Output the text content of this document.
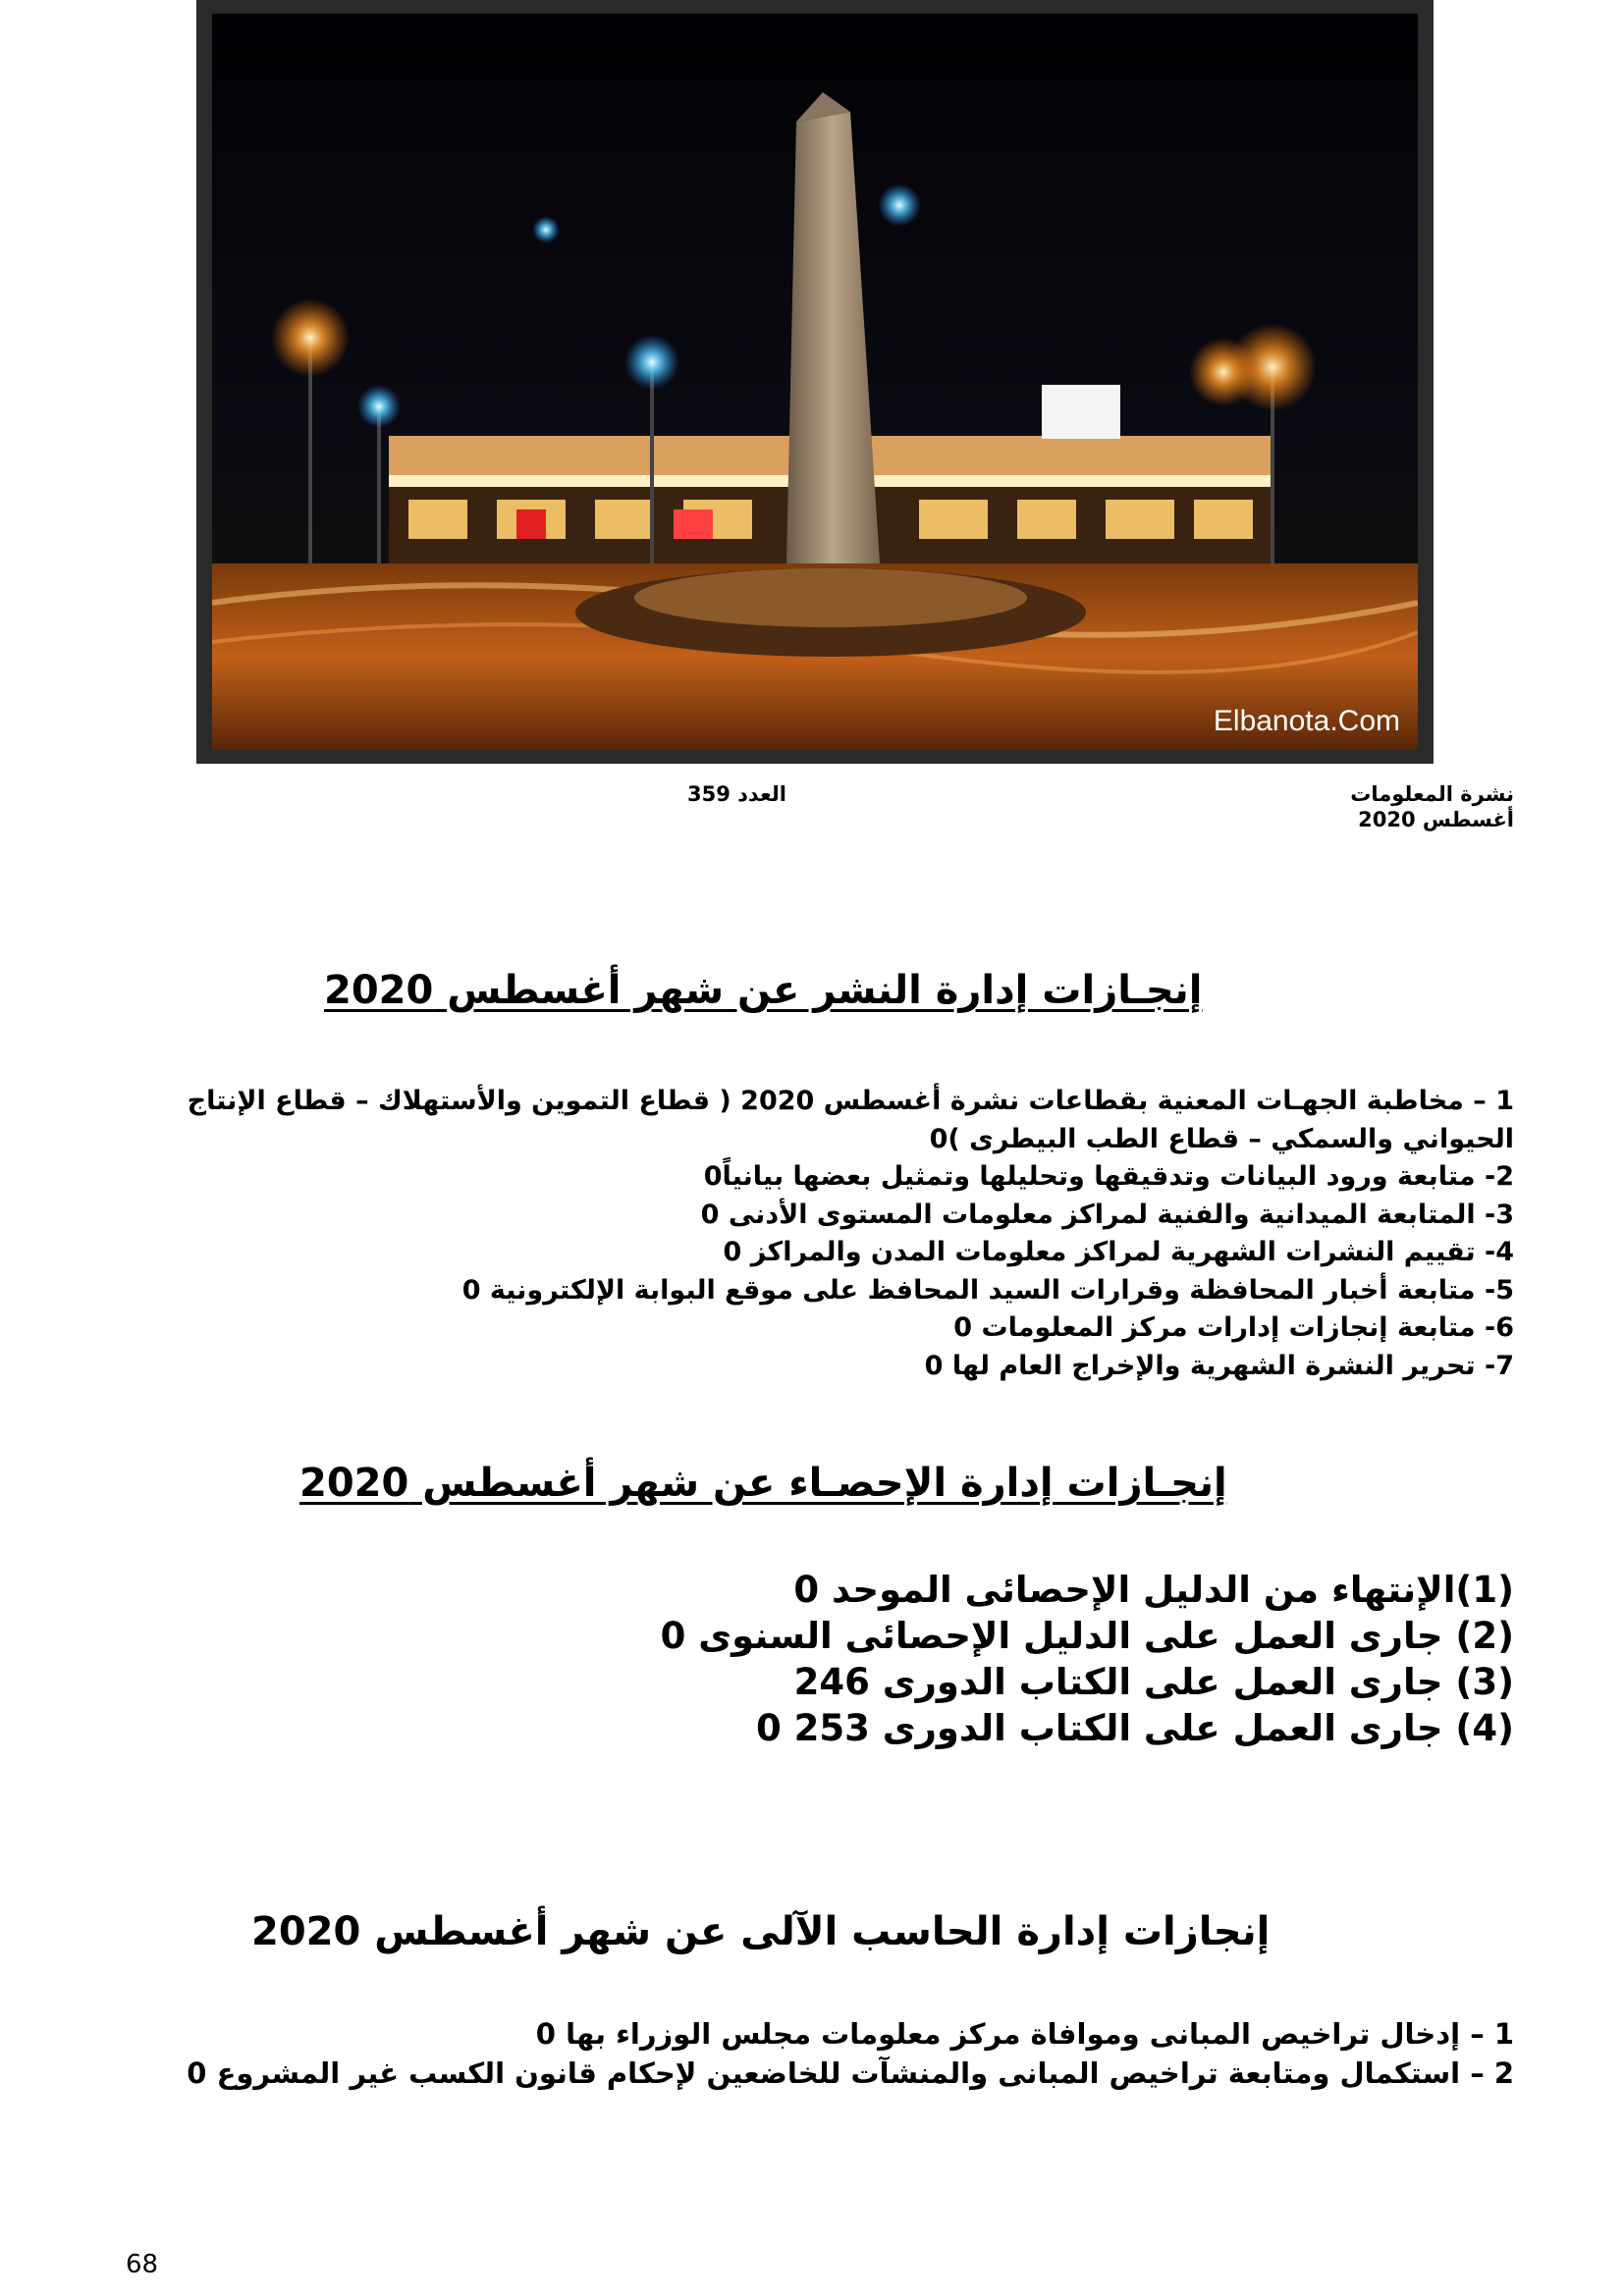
Elbanota.Com
نشرة المعلومات
أغسطس 2020
العدد 359
إنجـازات إدارة النشر عن شهر أغسطس 2020
1 – مخاطبة الجهـات المعنية بقطاعات نشرة أغسطس 2020 ( قطاع التموين والأستهلاك – قطاع الإنتاج الحيواني والسمكي – قطاع الطب البيطرى )0
2- متابعة ورود البيانات وتدقيقها وتحليلها وتمثيل بعضها بيانياً0
3- المتابعة الميدانية والفنية لمراكز معلومات المستوى الأدنى 0
4- تقييم النشرات الشهرية لمراكز معلومات المدن والمراكز 0
5- متابعة أخبار المحافظة وقرارات السيد المحافظ على موقع البوابة الإلكترونية 0
6- متابعة إنجازات إدارات مركز المعلومات 0
7- تحرير النشرة الشهرية والإخراج العام لها 0
إنجـازات إدارة الإحصـاء عن شهر أغسطس 2020
(1)الإنتهاء من الدليل الإحصائى الموحد 0
(2) جارى العمل على الدليل الإحصائى السنوى 0
(3) جارى العمل على الكتاب الدورى 246
(4) جارى العمل على الكتاب الدورى 253 0
إنجازات إدارة الحاسب الآلى عن شهر أغسطس 2020
1 – إدخال تراخيص المبانى وموافاة مركز معلومات مجلس الوزراء بها 0
2 – استكمال ومتابعة تراخيص المبانى والمنشآت للخاضعين لإحكام قانون الكسب غير المشروع 0
68
